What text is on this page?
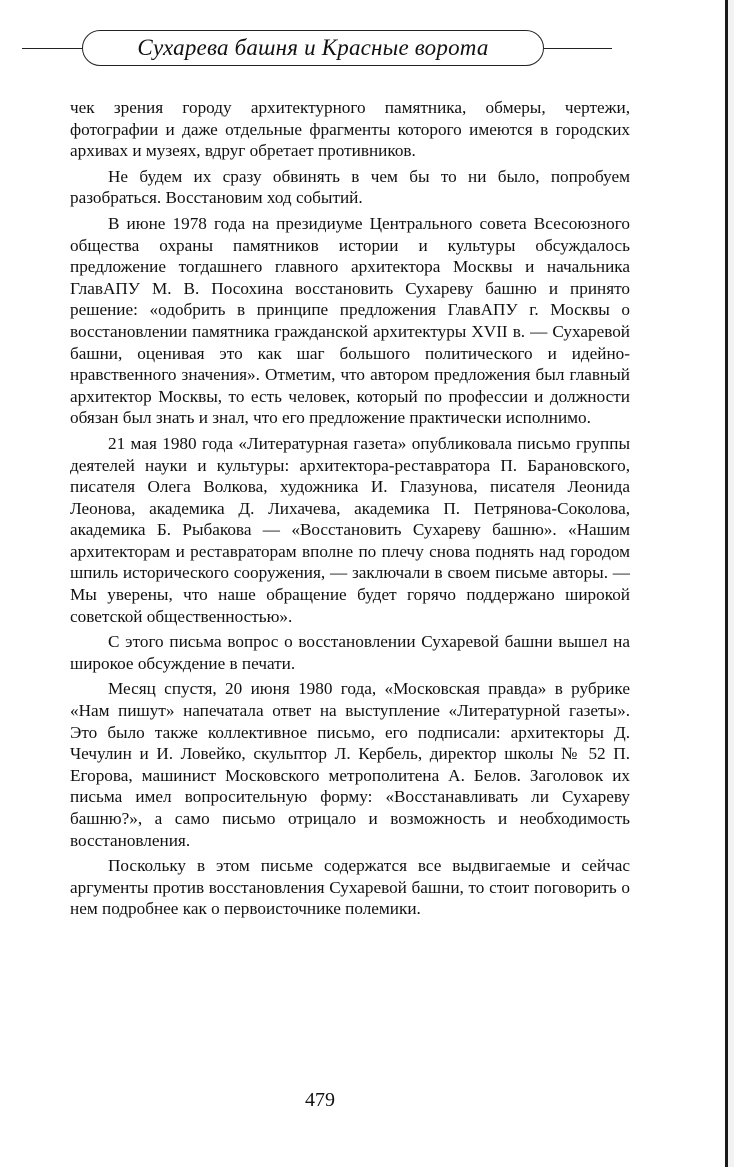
Сухарева башня и Красные ворота

чек зрения городу архитектурного памятника, обмеры, чертежи, фотографии и даже отдельные фрагменты которого имеются в городских архивах и музеях, вдруг обретает противников.

Не будем их сразу обвинять в чем бы то ни было, попробуем разобраться. Восстановим ход событий.

В июне 1978 года на президиуме Центрального совета Всесоюзного общества охраны памятников истории и культуры обсуждалось предложение тогдашнего главного архитектора Москвы и начальника ГлавАПУ М. В. Посохина восстановить Сухареву башню и принято решение: «одобрить в принципе предложения ГлавАПУ г. Москвы о восстановлении памятника гражданской архитектуры XVII в. — Сухаревой башни, оценивая это как шаг большого политического и идейно-нравственного значения». Отметим, что автором предложения был главный архитектор Москвы, то есть человек, который по профессии и должности обязан был знать и знал, что его предложение практически исполнимо.

21 мая 1980 года «Литературная газета» опубликовала письмо группы деятелей науки и культуры: архитектора-реставратора П. Барановского, писателя Олега Волкова, художника И. Глазунова, писателя Леонида Леонова, академика Д. Лихачева, академика П. Петрянова-Соколова, академика Б. Рыбакова — «Восстановить Сухареву башню». «Нашим архитекторам и реставраторам вполне по плечу снова поднять над городом шпиль исторического сооружения, — заключали в своем письме авторы. — Мы уверены, что наше обращение будет горячо поддержано широкой советской общественностью».

С этого письма вопрос о восстановлении Сухаревой башни вышел на широкое обсуждение в печати.

Месяц спустя, 20 июня 1980 года, «Московская правда» в рубрике «Нам пишут» напечатала ответ на выступление «Литературной газеты». Это было также коллективное письмо, его подписали: архитекторы Д. Чечулин и И. Ловейко, скульптор Л. Кербель, директор школы № 52 П. Егорова, машинист Московского метрополитена А. Белов. Заголовок их письма имел вопросительную форму: «Восстанавливать ли Сухареву башню?», а само письмо отрицало и возможность и необходимость восстановления.

Поскольку в этом письме содержатся все выдвигаемые и сейчас аргументы против восстановления Сухаревой башни, то стоит поговорить о нем подробнее как о первоисточнике полемики.

479
